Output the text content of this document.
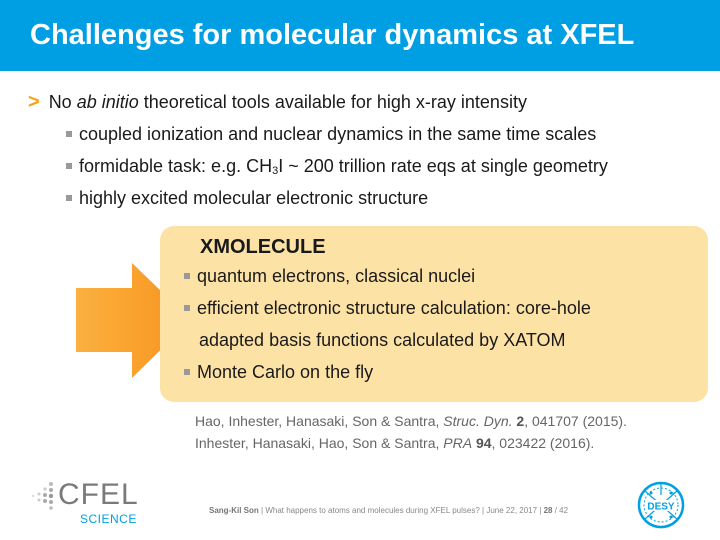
Challenges for molecular dynamics at XFEL
> No ab initio theoretical tools available for high x-ray intensity
coupled ionization and nuclear dynamics in the same time scales
formidable task: e.g. $CH_3I$ ~ 200 trillion rate eqs at single geometry
highly excited molecular electronic structure
XMOLECULE
quantum electrons, classical nuclei
efficient electronic structure calculation: core-hole
adapted basis functions calculated by XATOM
Monte Carlo on the fly
Hao, Inhester, Hanasaki, Son & Santra, Struc. Dyn. 2, 041707 (2015).
Inhester, Hanasaki, Hao, Son & Santra, PRA 94, 023422 (2016).
CFEL
SCIENCE
Sang-Kil Son | What happens to atoms and molecules during XFEL pulses? | June 22, 2017 | 28 / 42	DESY
